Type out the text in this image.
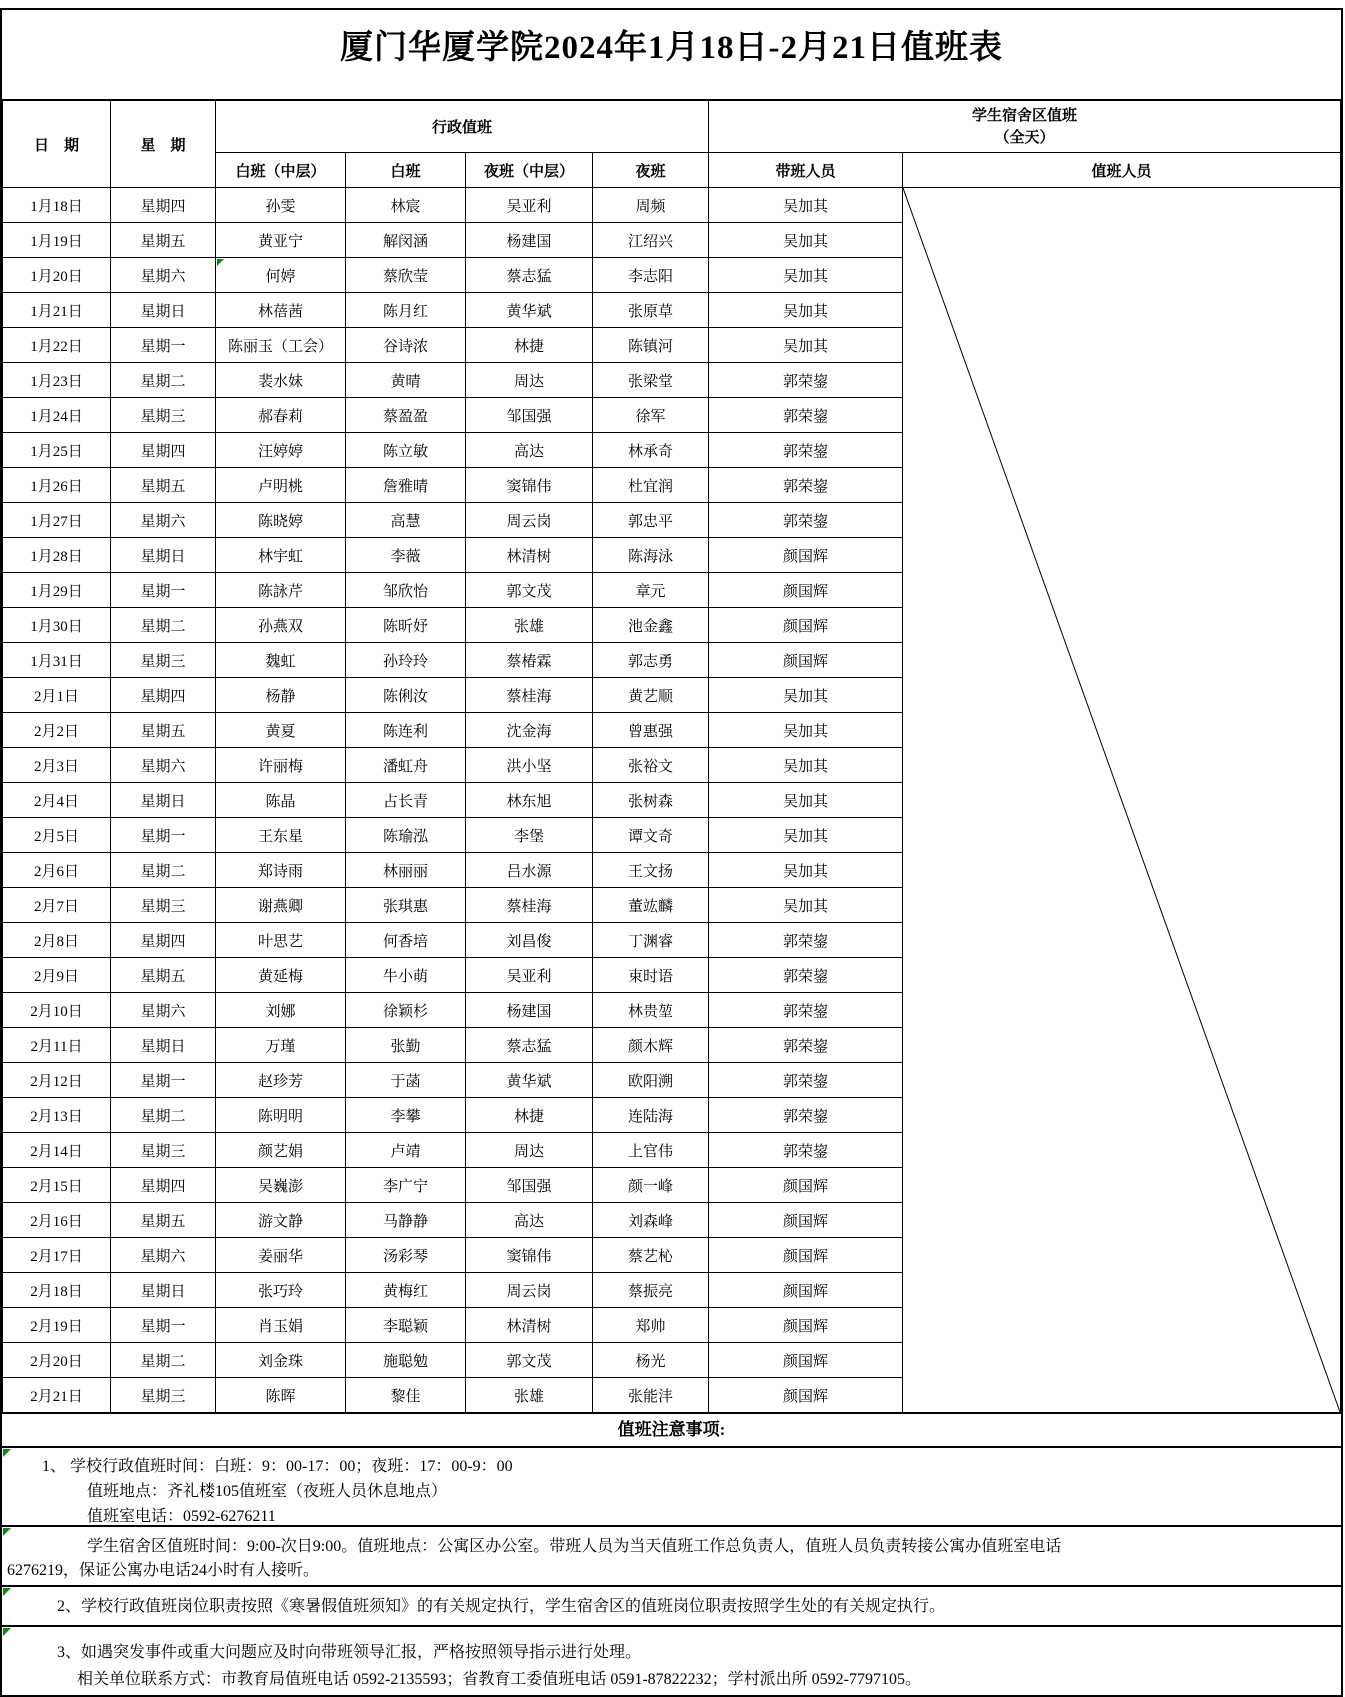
厦门华厦学院2024年1月18日-2月21日值班表
日　期	星　期	行政值班				学生宿舍区值班
（全天）	

		白班（中层）	白班	夜班（中层）	夜班	带班人员	值班人员
1月18日	星期四	孙雯	林宸	吴亚利	周频	吴加其	

1月19日	星期五	黄亚宁	解闵涵	杨建国	江绍兴	吴加其	
1月20日	星期六	何婷	蔡欣莹	蔡志猛	李志阳	吴加其	
1月21日	星期日	林蓓茜	陈月红	黄华斌	张原草	吴加其	
1月22日	星期一	陈丽玉（工会）	谷诗浓	林捷	陈镇河	吴加其	
1月23日	星期二	裴水妹	黄晴	周达	张梁堂	郭荣鋆	
1月24日	星期三	郝春莉	蔡盈盈	邹国强	徐军	郭荣鋆	
1月25日	星期四	汪婷婷	陈立敏	高达	林承奇	郭荣鋆	
1月26日	星期五	卢明桃	詹雅晴	窦锦伟	杜宜润	郭荣鋆	
1月27日	星期六	陈晓婷	高慧	周云岗	郭忠平	郭荣鋆	
1月28日	星期日	林宇虹	李薇	林清树	陈海泳	颜国辉	
1月29日	星期一	陈詠芹	邹欣怡	郭文茂	章元	颜国辉	
1月30日	星期二	孙燕双	陈昕妤	张雄	池金鑫	颜国辉	
1月31日	星期三	魏虹	孙玲玲	蔡椿霖	郭志勇	颜国辉	
2月1日	星期四	杨静	陈俐汝	蔡桂海	黄艺顺	吴加其	
2月2日	星期五	黄夏	陈连利	沈金海	曾惠强	吴加其	
2月3日	星期六	许丽梅	潘虹舟	洪小坚	张裕文	吴加其	
2月4日	星期日	陈晶	占长青	林东旭	张树森	吴加其	
2月5日	星期一	王东星	陈瑜泓	李堡	谭文奇	吴加其	
2月6日	星期二	郑诗雨	林丽丽	吕水源	王文扬	吴加其	
2月7日	星期三	谢燕卿	张琪惠	蔡桂海	董竑麟	吴加其	
2月8日	星期四	叶思艺	何香培	刘昌俊	丁渊睿	郭荣鋆	
2月9日	星期五	黄延梅	牛小萌	吴亚利	束时语	郭荣鋆	
2月10日	星期六	刘娜	徐颖杉	杨建国	林贵堃	郭荣鋆	
2月11日	星期日	万瑾	张勤	蔡志猛	颜木辉	郭荣鋆	
2月12日	星期一	赵珍芳	于菡	黄华斌	欧阳溯	郭荣鋆	
2月13日	星期二	陈明明	李攀	林捷	连陆海	郭荣鋆	
2月14日	星期三	颜艺娟	卢靖	周达	上官伟	郭荣鋆	
2月15日	星期四	吴巍澎	李广宁	邹国强	颜一峰	颜国辉	
2月16日	星期五	游文静	马静静	高达	刘森峰	颜国辉	
2月17日	星期六	姜丽华	汤彩琴	窦锦伟	蔡艺杺	颜国辉	
2月18日	星期日	张巧玲	黄梅红	周云岗	蔡振亮	颜国辉	
2月19日	星期一	肖玉娟	李聪颖	林清树	郑帅	颜国辉	
2月20日	星期二	刘金珠	施聪勉	郭文茂	杨光	颜国辉	
2月21日	星期三	陈晖	黎佳	张雄	张能沣	颜国辉	
值班注意事项:
1、 学校行政值班时间：白班：9：00-17：00；夜班：17：00-9：00
值班地点：齐礼楼105值班室（夜班人员休息地点）
值班室电话：0592-6276211
学生宿舍区值班时间：9:00-次日9:00。值班地点：公寓区办公室。带班人员为当天值班工作总负责人，值班人员负责转接公寓办值班室电话
6276219，保证公寓办电话24小时有人接听。
2、学校行政值班岗位职责按照《寒暑假值班须知》的有关规定执行，学生宿舍区的值班岗位职责按照学生处的有关规定执行。
3、如遇突发事件或重大问题应及时向带班领导汇报，严格按照领导指示进行处理。
相关单位联系方式：市教育局值班电话 0592-2135593；省教育工委值班电话 0591-87822232；学村派出所 0592-7797105。
